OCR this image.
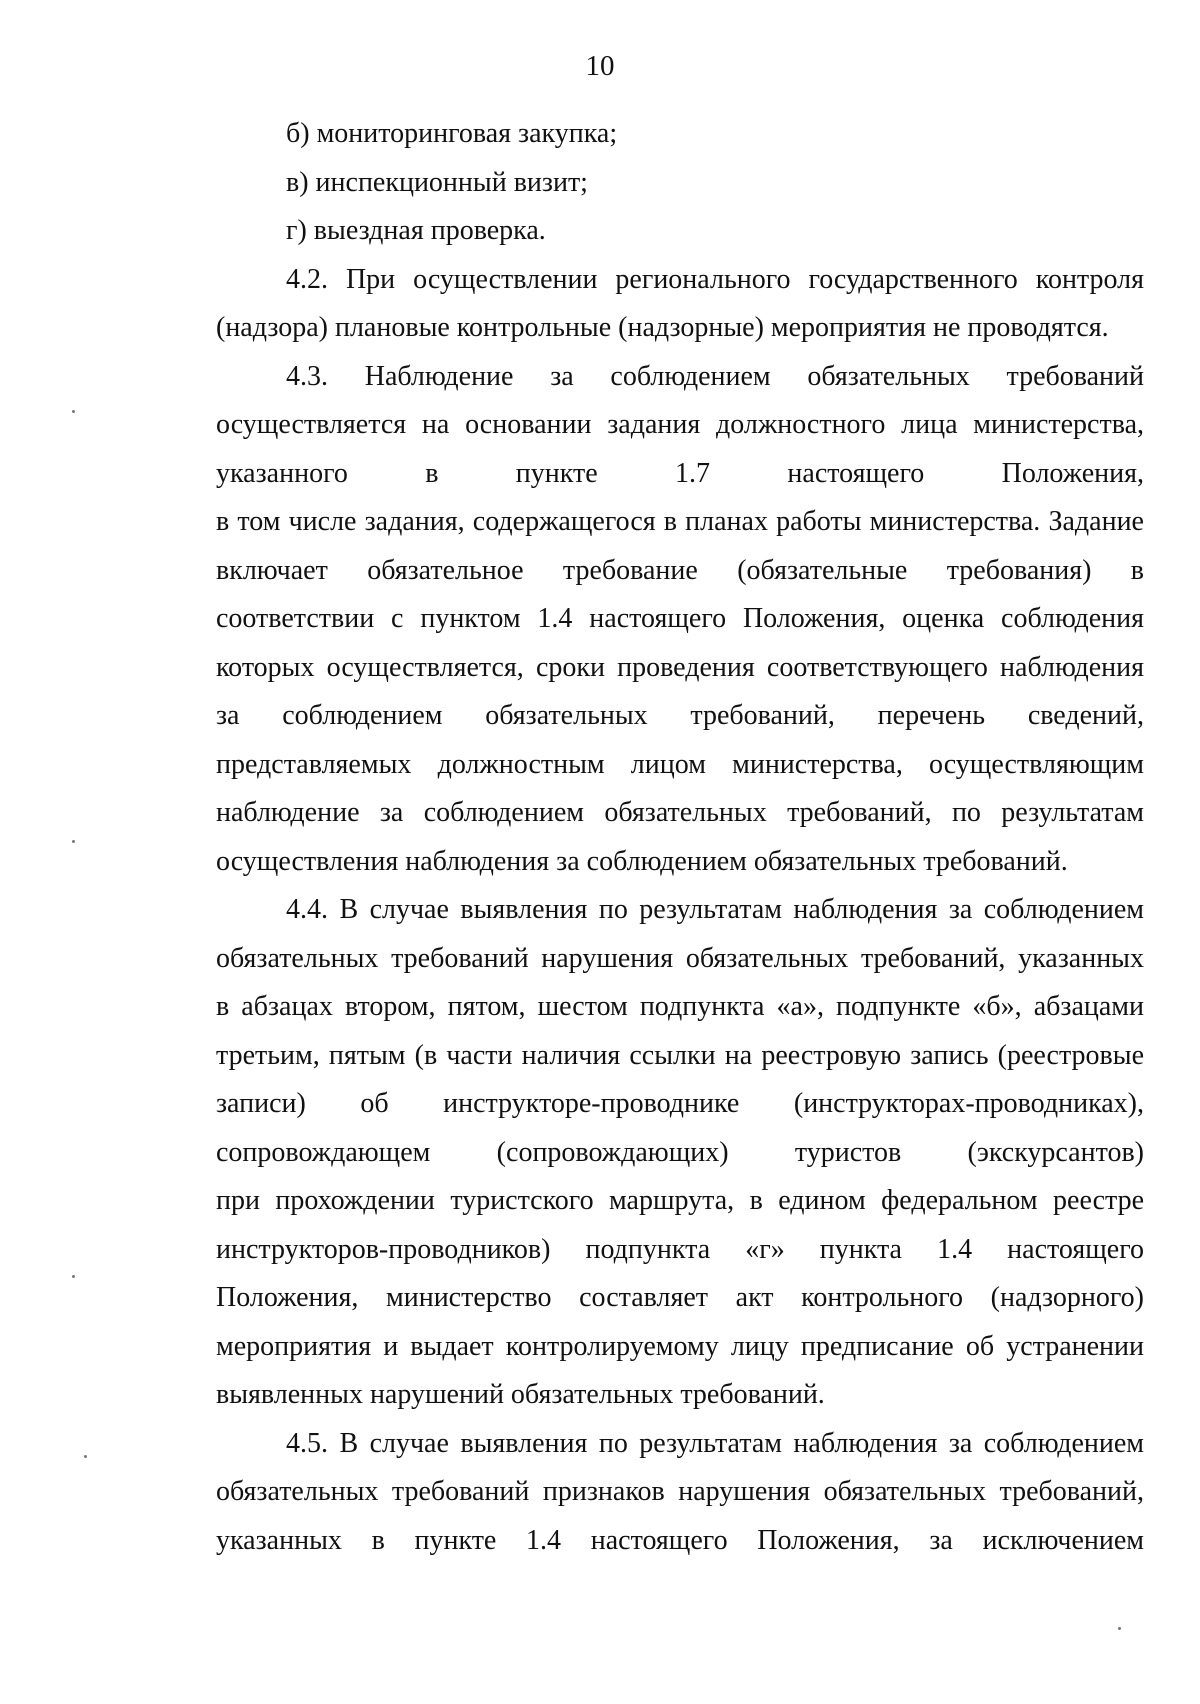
10
б) мониторинговая закупка;
в) инспекционный визит;
г) выездная проверка.
4.2. При осуществлении регионального государственного контроля
(надзора) плановые контрольные (надзорные) мероприятия не проводятся.
4.3. Наблюдение за соблюдением обязательных требований
осуществляется на основании задания должностного лица министерства,
указанного в пункте 1.7 настоящего Положения,
в том числе задания, содержащегося в планах работы министерства. Задание
включает обязательное требование (обязательные требования) в
соответствии с пунктом 1.4 настоящего Положения, оценка соблюдения
которых осуществляется, сроки проведения соответствующего наблюдения
за соблюдением обязательных требований, перечень сведений,
представляемых должностным лицом министерства, осуществляющим
наблюдение за соблюдением обязательных требований, по результатам
осуществления наблюдения за соблюдением обязательных требований.
4.4. В случае выявления по результатам наблюдения за соблюдением
обязательных требований нарушения обязательных требований, указанных
в абзацах втором, пятом, шестом подпункта «а», подпункте «б», абзацами
третьим, пятым (в части наличия ссылки на реестровую запись (реестровые
записи) об инструкторе-проводнике (инструкторах-проводниках),
сопровождающем (сопровождающих) туристов (экскурсантов)
при прохождении туристского маршрута, в едином федеральном реестре
инструкторов-проводников) подпункта «г» пункта 1.4 настоящего
Положения, министерство составляет акт контрольного (надзорного)
мероприятия и выдает контролируемому лицу предписание об устранении
выявленных нарушений обязательных требований.
4.5. В случае выявления по результатам наблюдения за соблюдением
обязательных требований признаков нарушения обязательных требований,
указанных в пункте 1.4 настоящего Положения, за исключением
